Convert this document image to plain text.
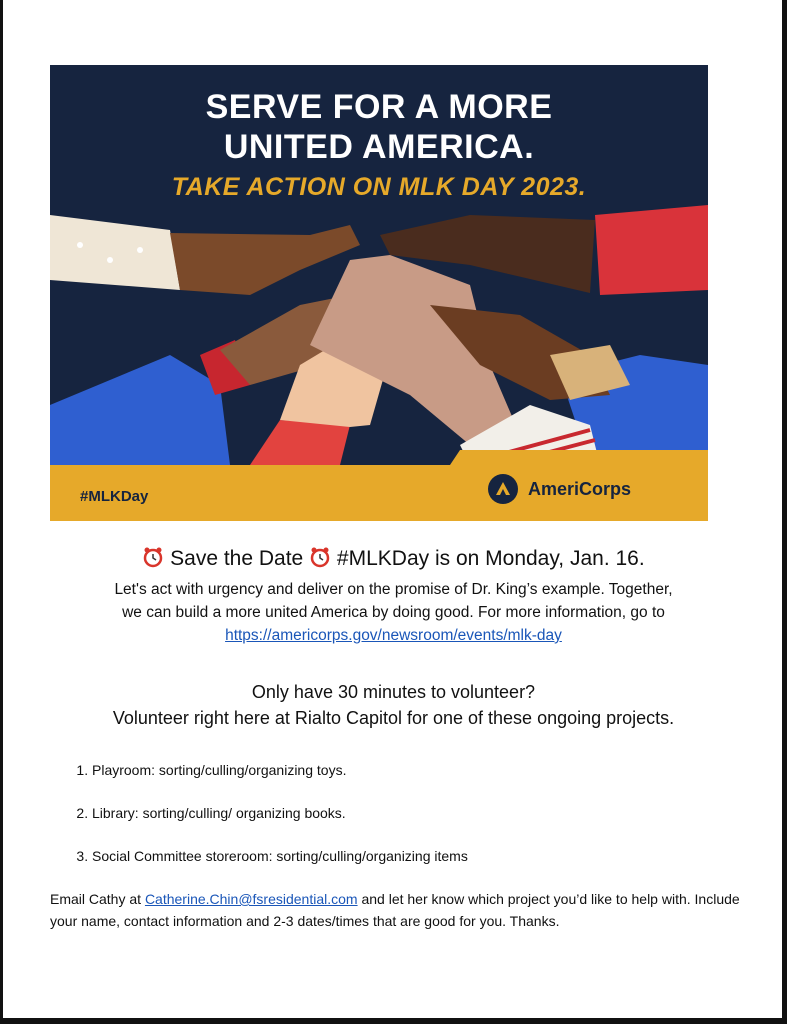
SERVE FOR A MORE
UNITED AMERICA.
TAKE ACTION ON MLK DAY 2023.
#MLKDay	AmeriCorps
Save the Date #MLKDay is on Monday, Jan. 16.
Let's act with urgency and deliver on the promise of Dr. King’s example. Together,
we can build a more united America by doing good. For more information, go to
https://americorps.gov/newsroom/events/mlk-day
Only have 30 minutes to volunteer?
Volunteer right here at Rialto Capitol for one of these ongoing projects.
1. Playroom: sorting/culling/organizing toys.
2. Library: sorting/culling/ organizing books.
3. Social Committee storeroom: sorting/culling/organizing items
Email Cathy at Catherine.Chin@fsresidential.com and let her know which project you’d like to help with. Include your name, contact information and 2-3 dates/times that are good for you. Thanks.
